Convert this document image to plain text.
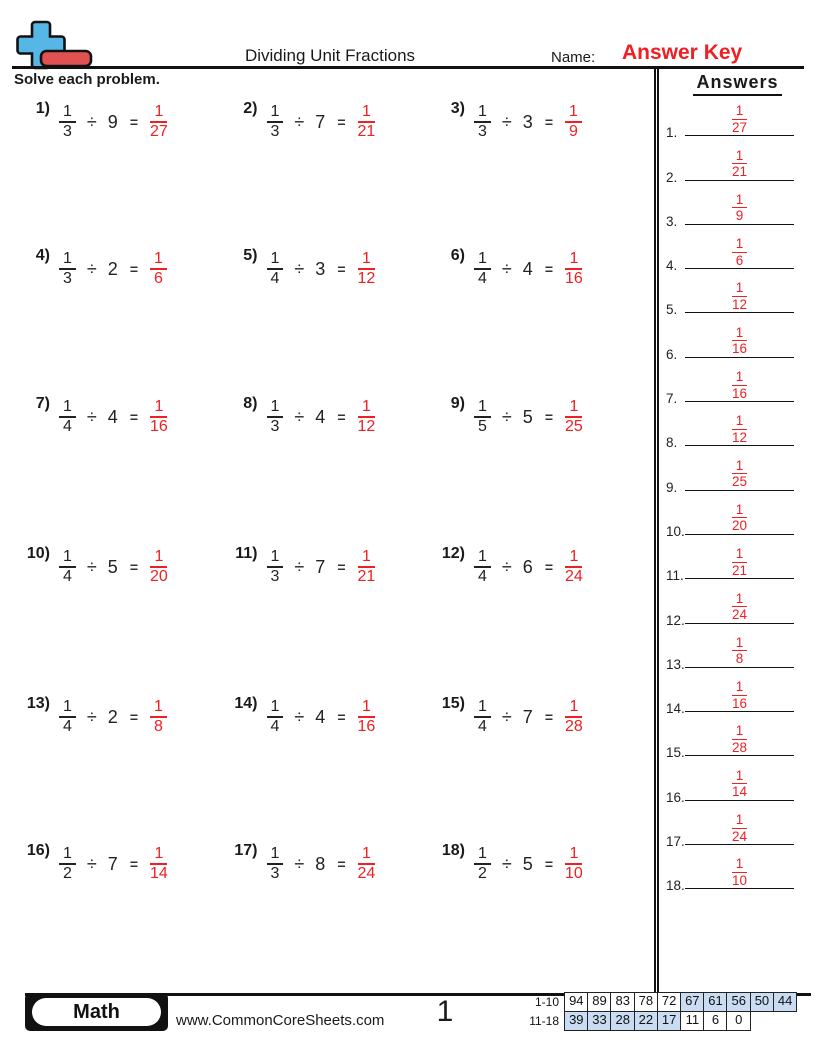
Dividing Unit Fractions	Name: Answer Key
Solve each problem.
$1) \frac{1}{3} \div 9 = \frac{1}{27}$	$2) \frac{1}{3} \div 7 = \frac{1}{21}$	$3) \frac{1}{3} \div 3 = \frac{1}{9}$
$4) \frac{1}{3} \div 2 = \frac{1}{6}$	$5) \frac{1}{4} \div 3 = \frac{1}{12}$	$6) \frac{1}{4} \div 4 = \frac{1}{16}$
$7) \frac{1}{4} \div 4 = \frac{1}{16}$	$8) \frac{1}{3} \div 4 = \frac{1}{12}$	$9) \frac{1}{5} \div 5 = \frac{1}{25}$
$10) \frac{1}{4} \div 5 = \frac{1}{20}$	$11) \frac{1}{3} \div 7 = \frac{1}{21}$	$12) \frac{1}{4} \div 6 = \frac{1}{24}$
$13) \frac{1}{4} \div 2 = \frac{1}{8}$	$14) \frac{1}{4} \div 4 = \frac{1}{16}$	$15) \frac{1}{4} \div 7 = \frac{1}{28}$
$16) \frac{1}{2} \div 7 = \frac{1}{14}$	$17) \frac{1}{3} \div 8 = \frac{1}{24}$	$18) \frac{1}{2} \div 5 = \frac{1}{10}$
Answers
1. $\frac{1}{27}$
2. $\frac{1}{21}$
3. $\frac{1}{9}$
4. $\frac{1}{6}$
5. $\frac{1}{12}$
6. $\frac{1}{16}$
7. $\frac{1}{16}$
8. $\frac{1}{12}$
9. $\frac{1}{25}$
10. $\frac{1}{20}$
11. $\frac{1}{21}$
12. $\frac{1}{24}$
13. $\frac{1}{8}$
14. $\frac{1}{16}$
15. $\frac{1}{28}$
16. $\frac{1}{14}$
17. $\frac{1}{24}$
18. $\frac{1}{10}$
Math	www.CommonCoreSheets.com	1	1-10 94 89 83 78 72 67 61 56 50 44
11-18 39 33 28 22 17 11 6	0
